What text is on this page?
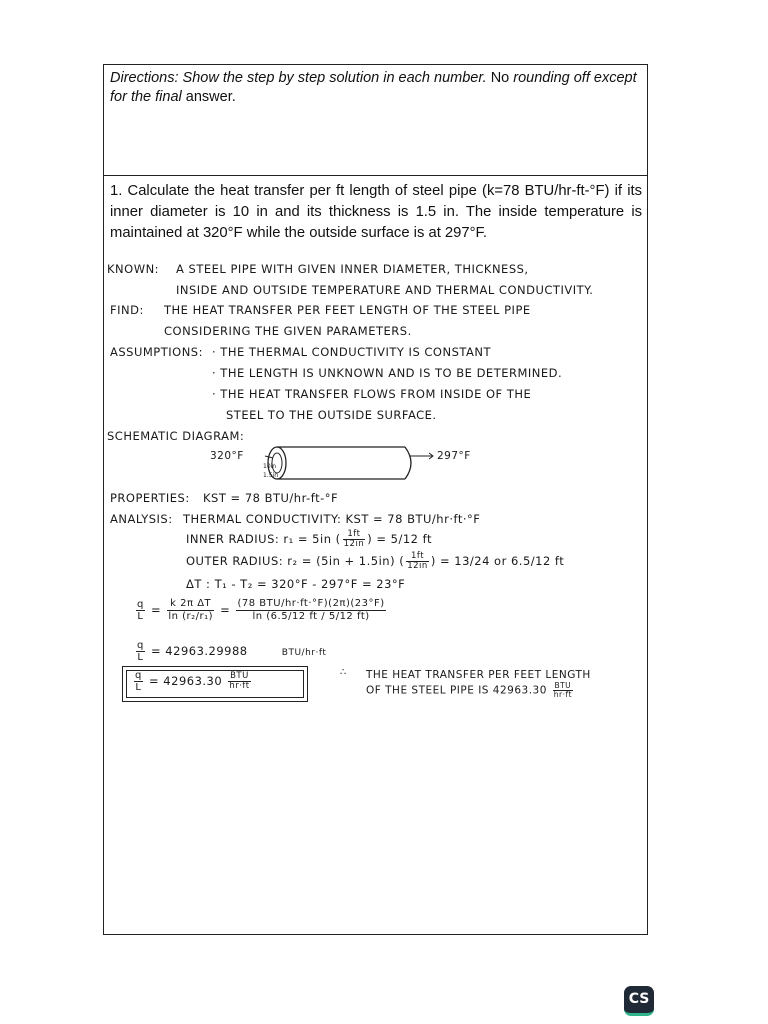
Directions: Show the step by step solution in each number. No rounding off except for the final answer.
1. Calculate the heat transfer per ft length of steel pipe (k=78 BTU/hr-ft-°F) if its inner diameter is 10 in and its thickness is 1.5 in. The inside temperature is maintained at 320°F while the outside surface is at 297°F.
KNOWN: A STEEL PIPE WITH GIVEN INNER DIAMETER, THICKNESS,
INSIDE AND OUTSIDE TEMPERATURE AND THERMAL CONDUCTIVITY.
FIND: THE HEAT TRANSFER PER FEET LENGTH OF THE STEEL PIPE
CONSIDERING THE GIVEN PARAMETERS.
ASSUMPTIONS: · THE THERMAL CONDUCTIVITY IS CONSTANT
· THE LENGTH IS UNKNOWN AND IS TO BE DETERMINED.
· THE HEAT TRANSFER FLOWS FROM INSIDE OF THE
STEEL TO THE OUTSIDE SURFACE.
SCHEMATIC DIAGRAM:
320°F	297°F
10in
1.5in
PROPERTIES: KST = 78 BTU/hr-ft-°F
ANALYSIS: THERMAL CONDUCTIVITY: KST = 78 BTU/hr·ft·°F
INNER RADIUS: r₁ = 5in ( $\frac{1ft}{12in}$ ) = 5/12 ft
OUTER RADIUS: r₂ = (5in + 1.5in) ( $\frac{1ft}{12in}$ ) = 13/24 or 6.5/12 ft
ΔT : T₁ - T₂ = 320°F - 297°F = 23°F
$\frac{q}{L} = \frac{\text{k 2π ΔT}}{\text{ln (r₂/r₁)}} = \frac{\text{(78 BTU/hr·ft·°F)(2π)(23°F)}}{\ln (6.5/12 ft / 5/12 ft)}$
$\frac{q}{L} = 42963.29988$	BTU/hr·ft
$\frac{q}{L} = 42963.30 \frac{\text{BTU}}{hr\cdot ft}$	∴ THE HEAT TRANSFER PER FEET LENGTH
OF THE STEEL PIPE IS $42963.30 \frac{\text{BTU}}{hr\cdot ft}$
CS
